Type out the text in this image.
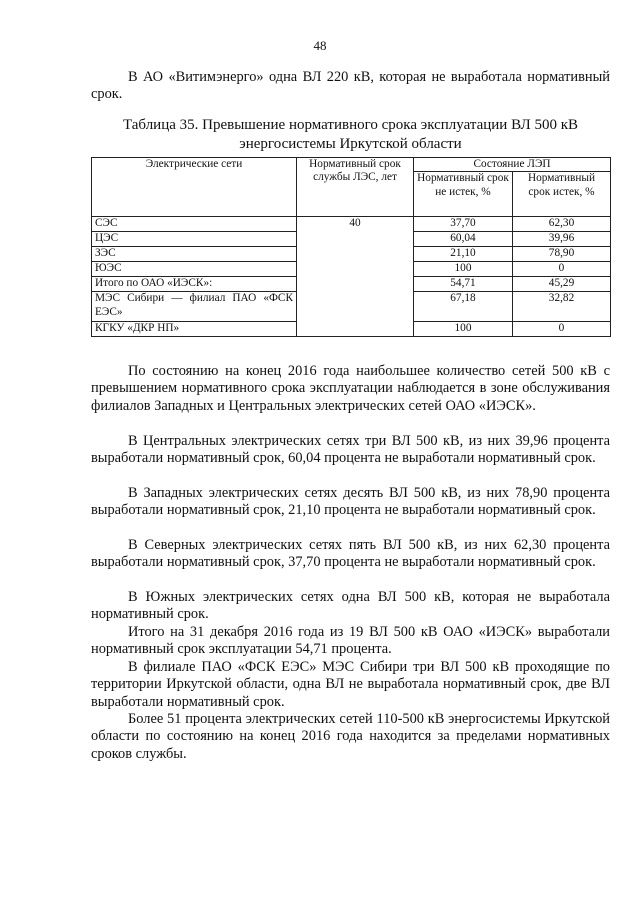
48

В АО «Витимэнерго» одна ВЛ 220 кВ, которая не выработала нормативный срок.

Таблица 35. Превышение нормативного срока эксплуатации ВЛ 500 кВ энергосистемы Иркутской области

Электрические сети	Нормативный срок службы ЛЭС, лет	Состояние ЛЭП	
		Нормативный срок не истек, %	Нормативный срок истек, %
СЭС	40	37,70	62,30
ЦЭС		60,04	39,96
ЗЭС		21,10	78,90
ЮЭС		100	0
Итого по ОАО «ИЭСК»:		54,71	45,29
МЭС Сибири — филиал ПАО «ФСК ЕЭС»		67,18	32,82
КГКУ «ДКР НП»		100	0

По состоянию на конец 2016 года наибольшее количество сетей 500 кВ с превышением нормативного срока эксплуатации наблюдается в зоне обслуживания филиалов Западных и Центральных электрических сетей ОАО «ИЭСК».

В Центральных электрических сетях три ВЛ 500 кВ, из них 39,96 процента выработали нормативный срок, 60,04 процента не выработали нормативный срок.

В Западных электрических сетях десять ВЛ 500 кВ, из них 78,90 процента выработали нормативный срок, 21,10 процента не выработали нормативный срок.

В Северных электрических сетях пять ВЛ 500 кВ, из них 62,30 процента выработали нормативный срок, 37,70 процента не выработали нормативный срок.

В Южных электрических сетях одна ВЛ 500 кВ, которая не выработала нормативный срок.

Итого на 31 декабря 2016 года из 19 ВЛ 500 кВ ОАО «ИЭСК» выработали нормативный срок эксплуатации 54,71 процента.

В филиале ПАО «ФСК ЕЭС» МЭС Сибири три ВЛ 500 кВ проходящие по территории Иркутской области, одна ВЛ не выработала нормативный срок, две ВЛ выработали нормативный срок.

Более 51 процента электрических сетей 110-500 кВ энергосистемы Иркутской области по состоянию на конец 2016 года находится за пределами нормативных сроков службы.
